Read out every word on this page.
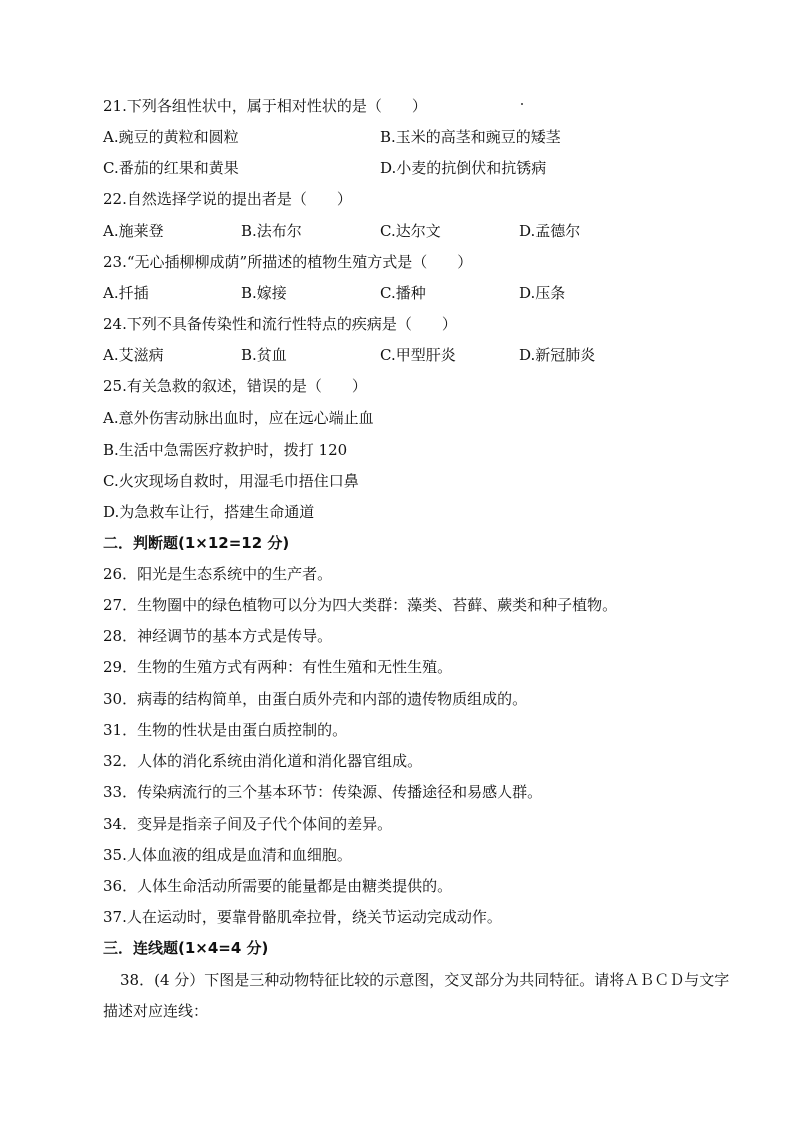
21.下列各组性状中，属于相对性状的是（　　）
A.豌豆的黄粒和圆粒	B.玉米的高茎和豌豆的矮茎
C.番茄的红果和黄果	D.小麦的抗倒伏和抗锈病
22.自然选择学说的提出者是（　　）
A.施莱登	B.法布尔	C.达尔文	D.孟德尔
23.“无心插柳柳成荫”所描述的植物生殖方式是（　　）
A.扦插	B.嫁接	C.播种	D.压条
24.下列不具备传染性和流行性特点的疾病是（　　）
A.艾滋病	B.贫血	C.甲型肝炎	D.新冠肺炎
25.有关急救的叙述，错误的是（　　）
A.意外伤害动脉出血时，应在远心端止血
B.生活中急需医疗救护时，拨打 120
C.火灾现场自救时，用湿毛巾捂住口鼻
D.为急救车让行，搭建生命通道
二．判断题(1×12=12 分)
26．阳光是生态系统中的生产者。
27．生物圈中的绿色植物可以分为四大类群：藻类、苔藓、蕨类和种子植物。
28．神经调节的基本方式是传导。
29．生物的生殖方式有两种：有性生殖和无性生殖。
30．病毒的结构简单，由蛋白质外壳和内部的遗传物质组成的。
31．生物的性状是由蛋白质控制的。
32．人体的消化系统由消化道和消化器官组成。
33．传染病流行的三个基本环节：传染源、传播途径和易感人群。
34．变异是指亲子间及子代个体间的差异。
35.人体血液的组成是血清和血细胞。
36．人体生命活动所需要的能量都是由糖类提供的。
37.人在运动时，要靠骨骼肌牵拉骨，绕关节运动完成动作。
三．连线题(1×4=4 分)
38．(4 分）下图是三种动物特征比较的示意图，交叉部分为共同特征。请将ＡＢＣＤ与文字
描述对应连线：
